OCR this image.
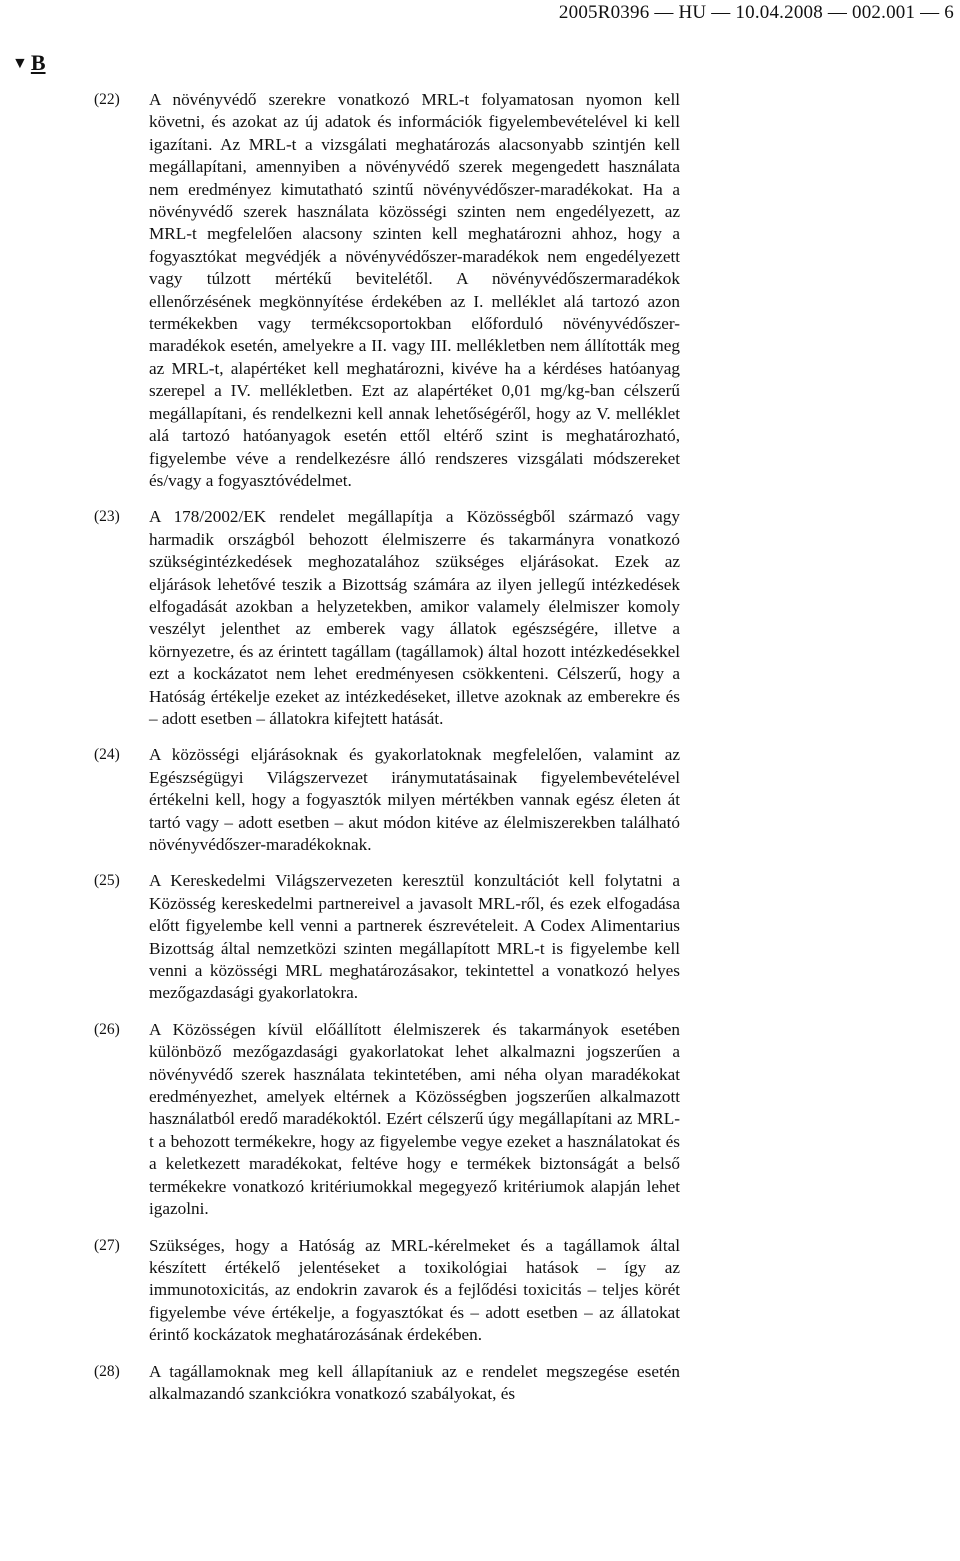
2005R0396 — HU — 10.04.2008 — 002.001 — 6
▼ B
(22) A növényvédő szerekre vonatkozó MRL-t folyamatosan nyomon kell követni, és azokat az új adatok és információk figyelembevételével ki kell igazítani. Az MRL-t a vizsgálati meghatározás alacsonyabb szintjén kell megállapítani, amennyiben a növényvédő szerek megengedett használata nem eredményez kimutatható szintű növényvédőszer-maradékokat. Ha a növényvédő szerek használata közösségi szinten nem engedélyezett, az MRL-t megfelelően alacsony szinten kell meghatározni ahhoz, hogy a fogyasztókat megvédjék a növényvédőszer-maradékok nem engedélyezett vagy túlzott mértékű bevitelétől. A növényvédőszermaradékok ellenőrzésének megkönnyítése érdekében az I. melléklet alá tartozó azon termékekben vagy termékcsoportokban előforduló növényvédőszer-maradékok esetén, amelyekre a II. vagy III. mellékletben nem állították meg az MRL-t, alapértéket kell meghatározni, kivéve ha a kérdéses hatóanyag szerepel a IV. mellékletben. Ezt az alapértéket 0,01 mg/kg-ban célszerű megállapítani, és rendelkezni kell annak lehetőségéről, hogy az V. melléklet alá tartozó hatóanyagok esetén ettől eltérő szint is meghatározható, figyelembe véve a rendelkezésre álló rendszeres vizsgálati módszereket és/vagy a fogyasztóvédelmet.

(23) A 178/2002/EK rendelet megállapítja a Közösségből származó vagy harmadik országból behozott élelmiszerre és takarmányra vonatkozó szükségintézkedések meghozatalához szükséges eljárásokat. Ezek az eljárások lehetővé teszik a Bizottság számára az ilyen jellegű intézkedések elfogadását azokban a helyzetekben, amikor valamely élelmiszer komoly veszélyt jelenthet az emberek vagy állatok egészségére, illetve a környezetre, és az érintett tagállam (tagállamok) által hozott intézkedésekkel ezt a kockázatot nem lehet eredményesen csökkenteni. Célszerű, hogy a Hatóság értékelje ezeket az intézkedéseket, illetve azoknak az emberekre és – adott esetben – állatokra kifejtett hatását.

(24) A közösségi eljárásoknak és gyakorlatoknak megfelelően, valamint az Egészségügyi Világszervezet iránymutatásainak figyelembevételével értékelni kell, hogy a fogyasztók milyen mértékben vannak egész életen át tartó vagy – adott esetben – akut módon kitéve az élelmiszerekben található növényvédőszer-maradékoknak.

(25) A Kereskedelmi Világszervezeten keresztül konzultációt kell folytatni a Közösség kereskedelmi partnereivel a javasolt MRL-ről, és ezek elfogadása előtt figyelembe kell venni a partnerek észrevételeit. A Codex Alimentarius Bizottság által nemzetközi szinten megállapított MRL-t is figyelembe kell venni a közösségi MRL meghatározásakor, tekintettel a vonatkozó helyes mezőgazdasági gyakorlatokra.

(26) A Közösségen kívül előállított élelmiszerek és takarmányok esetében különböző mezőgazdasági gyakorlatokat lehet alkalmazni jogszerűen a növényvédő szerek használata tekintetében, ami néha olyan maradékokat eredményezhet, amelyek eltérnek a Közösségben jogszerűen alkalmazott használatból eredő maradékoktól. Ezért célszerű úgy megállapítani az MRL-t a behozott termékekre, hogy az figyelembe vegye ezeket a használatokat és a keletkezett maradékokat, feltéve hogy e termékek biztonságát a belső termékekre vonatkozó kritériumokkal megegyező kritériumok alapján lehet igazolni.

(27) Szükséges, hogy a Hatóság az MRL-kérelmeket és a tagállamok által készített értékelő jelentéseket a toxikológiai hatások – így az immunotoxicitás, az endokrin zavarok és a fejlődési toxicitás – teljes körét figyelembe véve értékelje, a fogyasztókat és – adott esetben – az állatokat érintő kockázatok meghatározásának érdekében.

(28) A tagállamoknak meg kell állapítaniuk az e rendelet megszegése esetén alkalmazandó szankciókra vonatkozó szabályokat, és
